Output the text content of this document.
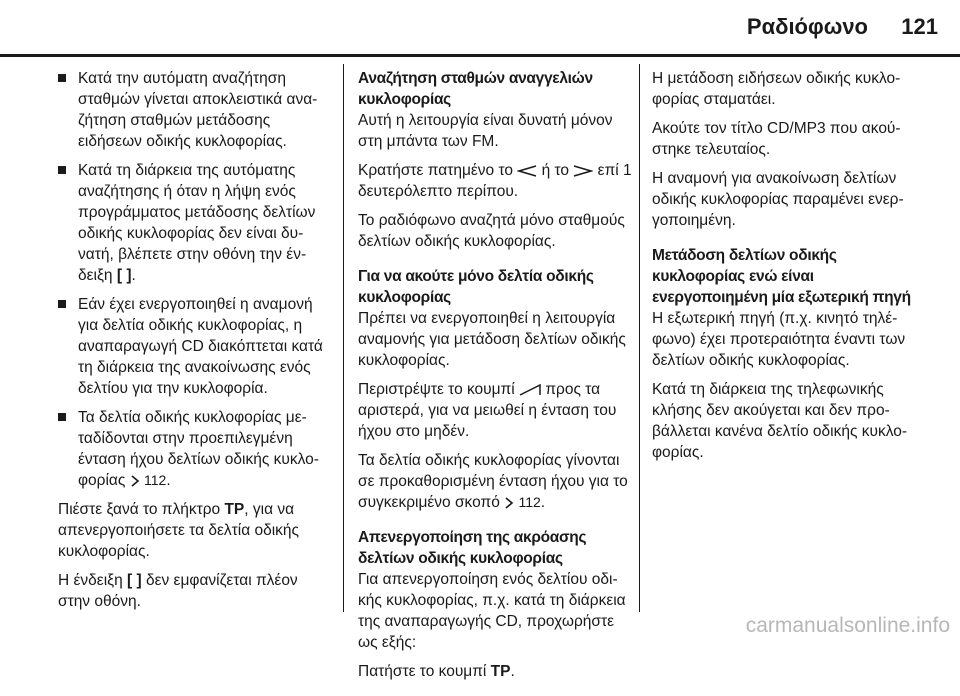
Ραδιόφωνο 121
Κατά την αυτόματη αναζήτηση σταθμών γίνεται αποκλειστικά αναζήτηση σταθμών μετάδοσης ειδήσεων οδικής κυκλοφορίας.
Κατά τη διάρκεια της αυτόματης αναζήτησης ή όταν η λήψη ενός προγράμματος μετάδοσης δελτίων οδικής κυκλοφορίας δεν είναι δυνατή, βλέπετε στην οθόνη την ένδειξη [ ].
Εάν έχει ενεργοποιηθεί η αναμονή για δελτία οδικής κυκλοφορίας, η αναπαραγωγή CD διακόπτεται κατά τη διάρκεια της ανακοίνωσης ενός δελτίου για την κυκλοφορία.
Τα δελτία οδικής κυκλοφορίας μεταδίδονται στην προεπιλεγμένη ένταση ήχου δελτίων οδικής κυκλοφορίας
112.

Πιέστε ξανά το πλήκτρο TP, για να απενεργοποιήσετε τα δελτία οδικής κυκλοφορίας.

Η ένδειξη [ ] δεν εμφανίζεται πλέον στην οθόνη.

Αναζήτηση σταθμών αναγγελιών κυκλοφορίας

Αυτή η λειτουργία είναι δυνατή μόνον στη μπάντα των FM.

Κρατήστε πατημένο το
ή το
επί 1 δευτερόλεπτο περίπου.

Το ραδιόφωνο αναζητά μόνο σταθμούς δελτίων οδικής κυκλοφορίας.

Για να ακούτε μόνο δελτία οδικής κυκλοφορίας

Πρέπει να ενεργοποιηθεί η λειτουργία αναμονής για μετάδοση δελτίων οδικής κυκλοφορίας.

Περιστρέψτε το κουμπί
προς τα αριστερά, για να μειωθεί η ένταση του ήχου στο μηδέν.

Τα δελτία οδικής κυκλοφορίας γίνονται σε προκαθορισμένη ένταση ήχου για το συγκεκριμένο σκοπό
112.

Απενεργοποίηση της ακρόασης δελτίων οδικής κυκλοφορίας

Για απενεργοποίηση ενός δελτίου οδικής κυκλοφορίας, π.χ. κατά τη διάρκεια της αναπαραγωγής CD, προχωρήστε ως εξής:

Πατήστε το κουμπί TP.

Η μετάδοση ειδήσεων οδικής κυκλοφορίας σταματάει.

Ακούτε τον τίτλο CD/MP3 που ακούστηκε τελευταίος.

Η αναμονή για ανακοίνωση δελτίων οδικής κυκλοφορίας παραμένει ενεργοποιημένη.

Μετάδοση δελτίων οδικής κυκλοφορίας ενώ είναι ενεργοποιημένη μία εξωτερική πηγή

Η εξωτερική πηγή (π.χ. κινητό τηλέφωνο) έχει προτεραιότητα έναντι των δελτίων οδικής κυκλοφορίας.

Κατά τη διάρκεια της τηλεφωνικής κλήσης δεν ακούγεται και δεν προβάλλεται κανένα δελτίο οδικής κυκλοφορίας.

carmanualsonline.info
